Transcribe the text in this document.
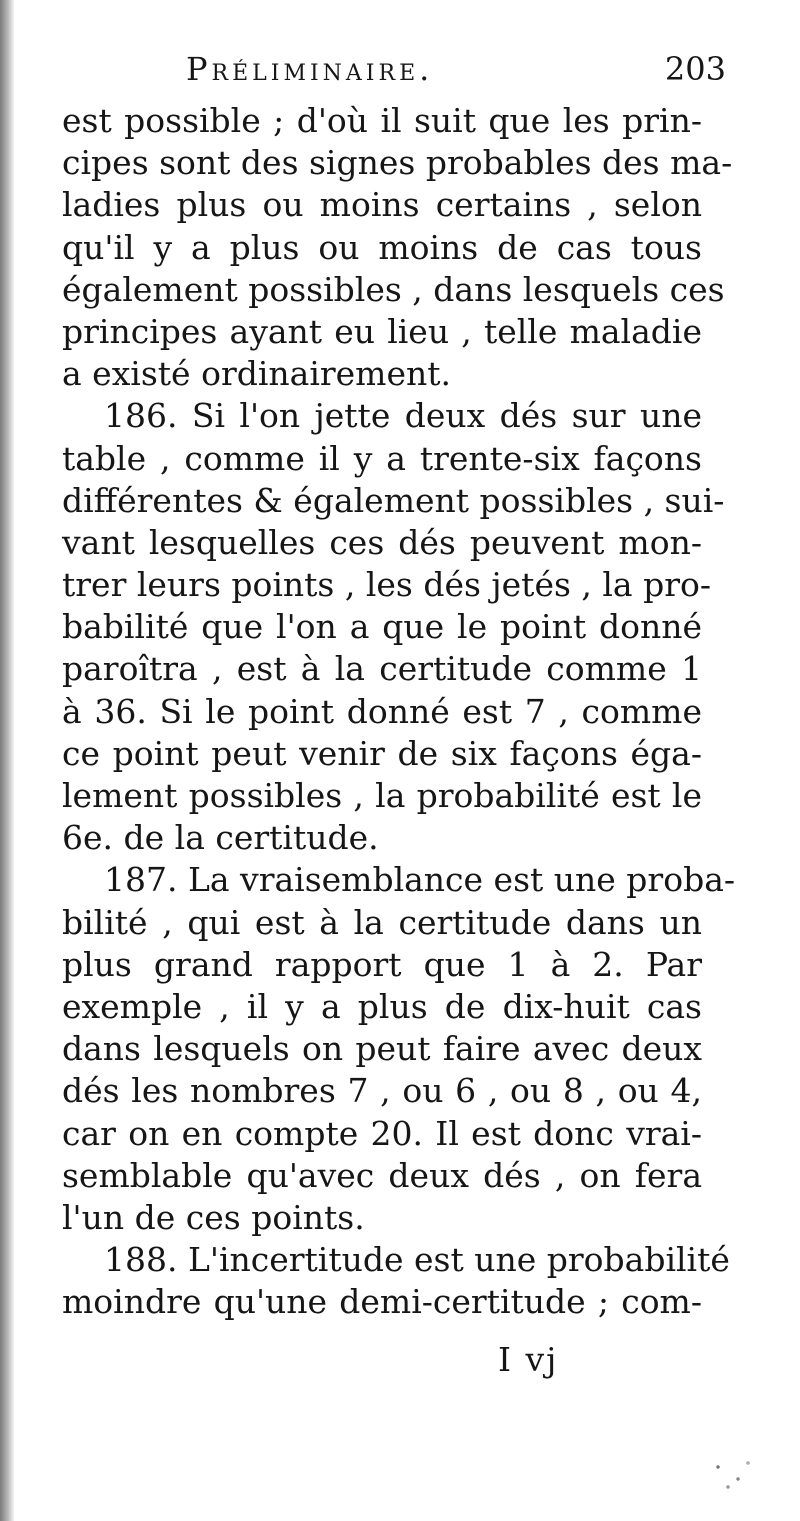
Préliminaire.	203
est possible ; d'où il suit que les prin-
cipes sont des signes probables des ma-
ladies plus ou moins certains , selon
qu'il y a plus ou moins de cas tous
également possibles , dans lesquels ces
principes ayant eu lieu , telle maladie
a existé ordinairement.
186. Si l'on jette deux dés sur une
table , comme il y a trente-six façons
différentes & également possibles , sui-
vant lesquelles ces dés peuvent mon-
trer leurs points , les dés jetés , la pro-
babilité que l'on a que le point donné
paroîtra , est à la certitude comme 1
à 36. Si le point donné est 7 , comme
ce point peut venir de six façons éga-
lement possibles , la probabilité est le
6e. de la certitude.
187. La vraisemblance est une proba-
bilité , qui est à la certitude dans un
plus grand rapport que 1 à 2. Par
exemple , il y a plus de dix-huit cas
dans lesquels on peut faire avec deux
dés les nombres 7 , ou 6 , ou 8 , ou 4,
car on en compte 20. Il est donc vrai-
semblable qu'avec deux dés , on fera
l'un de ces points.
188. L'incertitude est une probabilité
moindre qu'une demi-certitude ; com-
I vj
